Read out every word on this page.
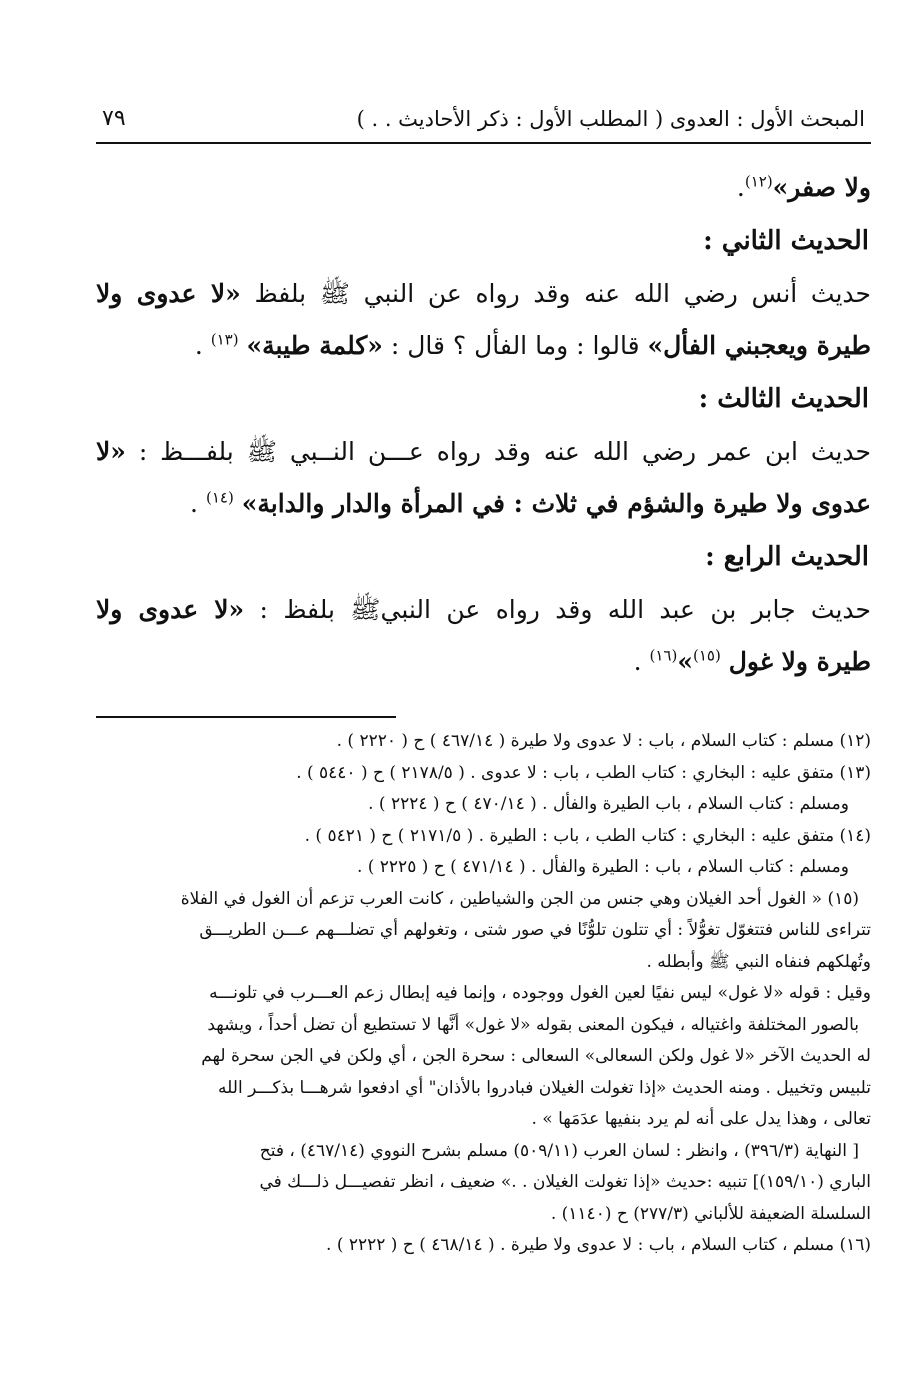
المبحث الأول : العدوى ( المطلب الأول : ذكر الأحاديث . . )
٧٩

ولا صفر»$^{(١٢)}$.

الحديث الثاني :

حديث أنس رضي الله عنه وقد رواه عن النبي ﷺ بلفظ «لا عدوى ولا

طيرة ويعجبني الفأل» قالوا : وما الفأل ؟ قال : «كلمة طيبة» $^{(١٣)}$ .

الحديث الثالث :

حديث ابن عمر رضي الله عنه وقد رواه عـــن النــبي ﷺ بلفـــظ : «لا

عدوى ولا طيرة والشؤم في ثلاث : في المرأة والدار والدابة» $^{(١٤)}$ .

الحديث الرابع :

حديث جابر بن عبد الله وقد رواه عن النبيﷺ بلفظ : «لا عدوى ولا

طيرة ولا غول $^{(١٥)}$»$^{(١٦)}$ .

(١٢) مسلم : كتاب السلام ، باب : لا عدوى ولا طيرة ( ٤٦٧/١٤ ) ح ( ٢٢٢٠ ) .

(١٣) متفق عليه : البخاري : كتاب الطب ، باب : لا عدوى . ( ٢١٧٨/٥ ) ح ( ٥٤٤٠ ) .

ومسلم : كتاب السلام ، باب الطيرة والفأل . ( ٤٧٠/١٤ ) ح ( ٢٢٢٤ ) .

(١٤) متفق عليه : البخاري : كتاب الطب ، باب : الطيرة . ( ٢١٧١/٥ ) ح ( ٥٤٢١ ) .

ومسلم : كتاب السلام ، باب : الطيرة والفأل . ( ٤٧١/١٤ ) ح ( ٢٢٢٥ ) .

(١٥) « الغول أحد الغيلان وهي جنس من الجن والشياطين ، كانت العرب تزعم أن الغول في الفلاة

تتراءى للناس فتتغوّل تغوُّلاً : أي تتلون تلوُّنًا في صور شتى ، وتغولهم أي تضلـــهم عـــن الطريـــق

وتُهلكهم فنفاه النبي ﷺ وأبطله .

وقيل : قوله «لا غول» ليس نفيًا لعين الغول ووجوده ، وإنما فيه إبطال زعم العـــرب في تلونـــه

بالصور المختلفة واغتياله ، فيكون المعنى بقوله «لا غول» أنَّها لا تستطيع أن تضل أحداً ، ويشهد

له الحديث الآخر «لا غول ولكن السعالى» السعالى : سحرة الجن ، أي ولكن في الجن سحرة لهم

تلبيس وتخييل . ومنه الحديث «إذا تغولت الغيلان فبادروا بالأذان" أي ادفعوا شرهـــا بذكـــر الله

تعالى ، وهذا يدل على أنه لم يرد بنفيها عدَمَها » .

[ النهاية (٣٩٦/٣) ، وانظر : لسان العرب (٥٠٩/١١) مسلم بشرح النووي (٤٦٧/١٤) ، فتح

الباري (١٥٩/١٠)] تنبيه :حديث «إذا تغولت الغيلان . .» ضعيف ، انظر تفصيـــل ذلـــك في

السلسلة الضعيفة للألباني (٢٧٧/٣) ح (١١٤٠) .

(١٦) مسلم ، كتاب السلام ، باب : لا عدوى ولا طيرة . ( ٤٦٨/١٤ ) ح ( ٢٢٢٢ ) .
